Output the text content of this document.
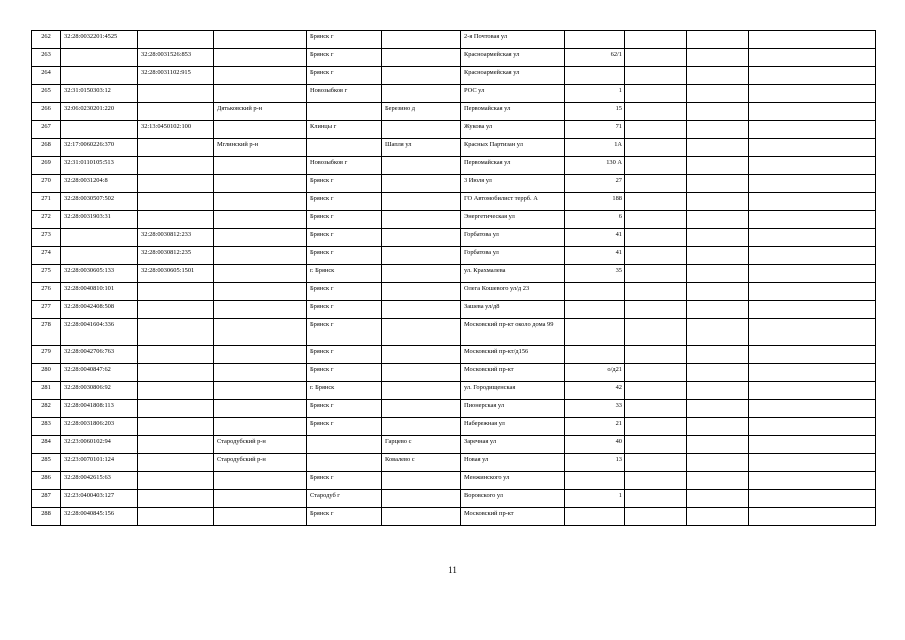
262	32:28:0032201:4525			Брянск г		2-я Почтовая ул				
263		32:28:0031526:853		Брянск г		Красноармейская ул	62/1			
264		32:28:0031102:915		Брянск г		Красноармейская ул				
265	32:31:0150303:12			Новозыбков г		РОС ул	1			
266	32:06:0230201:220		Дятьковский р-н		Березино д	Первомайская ул	15			
267		32:13:0450102:100		Клинцы г		Жукова ул	71			
268	32:17:0060226:370		Мглинский р-н		Шапля ул	Красных Партизан ул	1А			
269	32:31:0110105:513			Новозыбков г		Первомайская ул	130 А			
270	32:28:0031204:8			Брянск г		3 Июля ул	27			
271	32:28:0030507:502			Брянск г		ГО Автомобилист террб. А	188			
272	32:28:0031903:31			Брянск г		Энергетическая ул	6			
273		32:28:0030812:233		Брянск г		Горбатова ул	41			
274		32:28:0030812:235		Брянск г		Горбатова ул	41			
275	32:28:0030605:133	32:28:0030605:1501		г. Брянск		ул. Крахмалева	35			
276	32:28:0040810:101			Брянск г		Олега Кошевого ул/д 23				
277	32:28:0042408:508			Брянск г		Зашева ул/д8				
278	32:28:0041604:336			Брянск г		Московский пр-кт около дома 99				
279	32:28:0042706:763			Брянск г		Московский пр-кт/д156				
280	32:28:0040847:62			Брянск г		Московский пр-кт	о/д21			
281	32:28:0030806:92			г. Брянск		ул. Городищенская	42			
282	32:28:0041808:113			Брянск г		Пионерская ул	33			
283	32:28:0031806:203			Брянск г		Набережная ул	21			
284	32:23:0060102:94		Стародубский р-н		Гарцево с	Заречная ул	40			
285	32:23:0070101:124		Стародубский р-н		Ковалево с	Новая ул	13			
286	32:28:0042615:63			Брянск г		Менжинского ул				
287	32:23:0400403:127			Стародуб г		Воровского ул	1			
288	32:28:0040845:156			Брянск г		Московский пр-кт				
11
